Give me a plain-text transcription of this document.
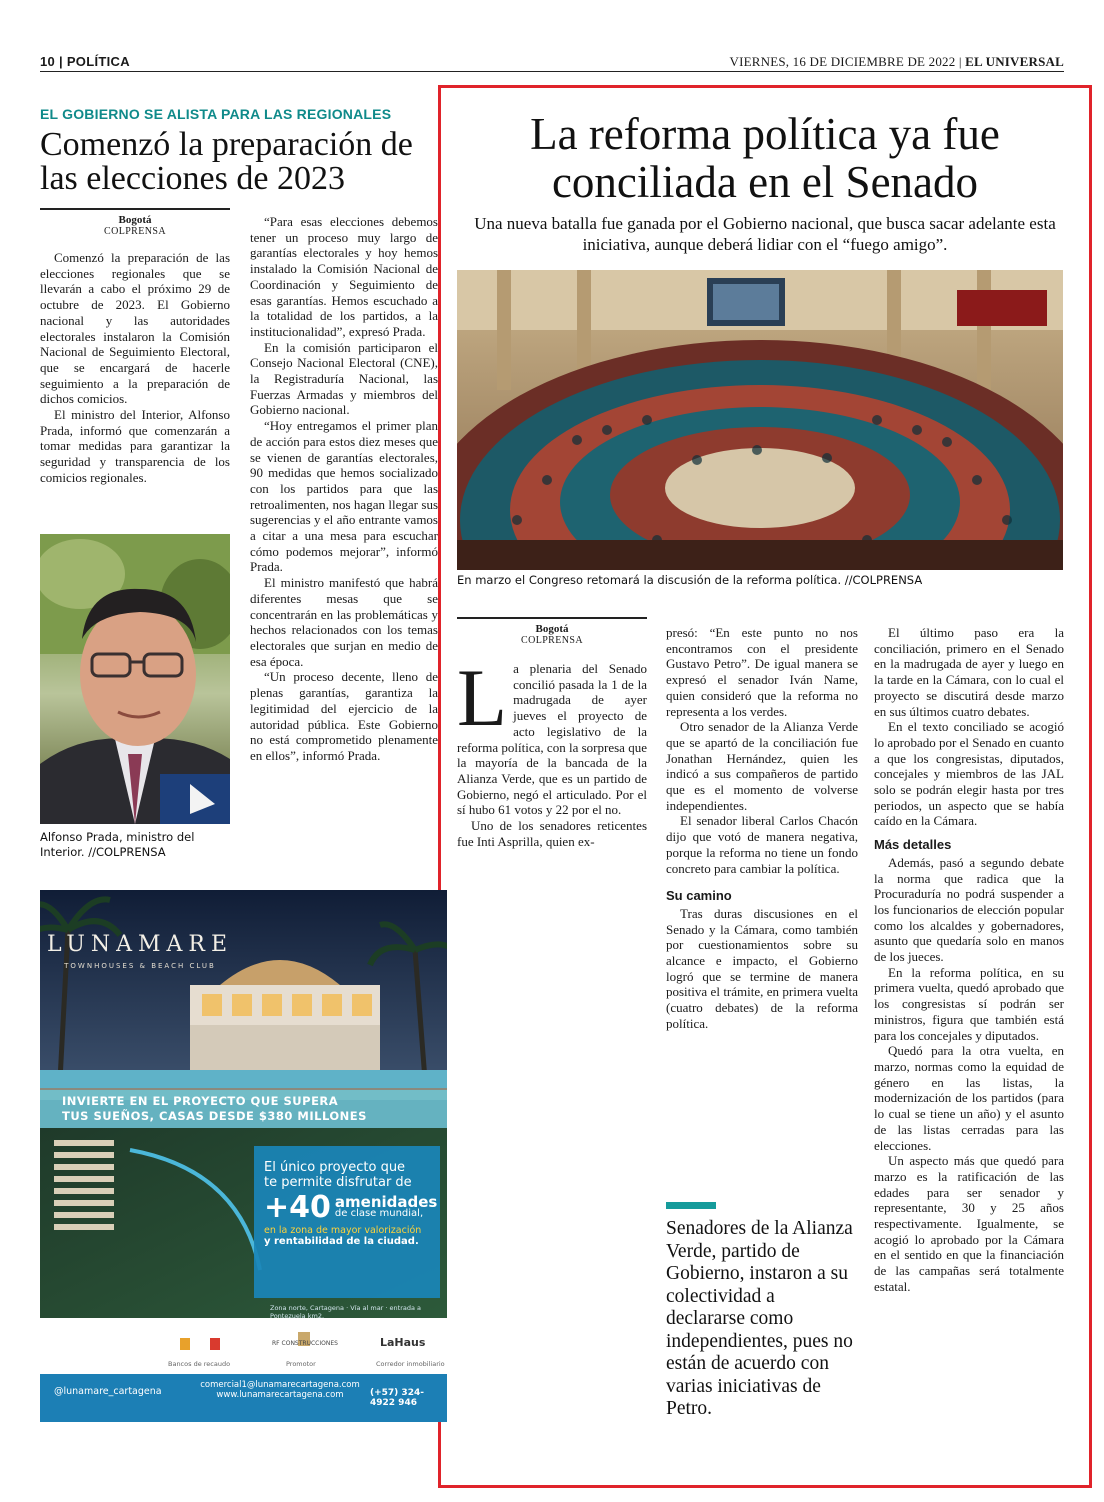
10 | POLÍTICA	VIERNES, 16 DE DICIEMBRE DE 2022 | EL UNIVERSAL
EL GOBIERNO SE ALISTA PARA LAS REGIONALES
Comenzó la preparación de las elecciones de 2023
Bogotá
COLPRENSA

Comenzó la preparación de las elecciones regionales que se llevarán a cabo el próximo 29 de octubre de 2023. El Gobierno nacional y las autoridades electorales instalaron la Comisión Nacional de Seguimiento Electoral, que se encargará de hacerle seguimiento a la preparación de dichos comicios.

El ministro del Interior, Alfonso Prada, informó que comenzarán a tomar medidas para garantizar la seguridad y transparencia de los comicios regionales.

Alfonso Prada, ministro del Interior. //COLPRENSA

“Para esas elecciones debemos tener un proceso muy largo de garantías electorales y hoy hemos instalado la Comisión Nacional de Coordinación y Seguimiento de esas garantías. Hemos escuchado a la totalidad de los partidos, a la institucionalidad”, expresó Prada.

En la comisión participaron el Consejo Nacional Electoral (CNE), la Registraduría Nacional, las Fuerzas Armadas y miembros del Gobierno nacional.

“Hoy entregamos el primer plan de acción para estos diez meses que se vienen de garantías electorales, 90 medidas que hemos socializado con los partidos para que las retroalimenten, nos hagan llegar sus sugerencias y el año entrante vamos a citar a una mesa para escuchar cómo podemos mejorar”, informó Prada.

El ministro manifestó que habrá diferentes mesas que se concentrarán en las problemáticas y hechos relacionados con los temas electorales que surjan en medio de esa época.

“Un proceso decente, lleno de plenas garantías, garantiza la legitimidad del ejercicio de la autoridad pública. Este Gobierno no está comprometido plenamente en ellos”, informó Prada.

La reforma política ya fue conciliada en el Senado
Una nueva batalla fue ganada por el Gobierno nacional, que busca sacar adelante esta iniciativa, aunque deberá lidiar con el “fuego amigo”.
En marzo el Congreso retomará la discusión de la reforma política. //COLPRENSA
Bogotá
COLPRENSA

La plenaria del Senado concilió pasada la 1 de la madrugada de ayer jueves el proyecto de acto legislativo de la reforma política, con la sorpresa que la mayoría de la bancada de la Alianza Verde, que es un partido de Gobierno, negó el articulado. Por el sí hubo 61 votos y 22 por el no.

Uno de los senadores reticentes fue Inti Asprilla, quien ex-

presó: “En este punto no nos encontramos con el presidente Gustavo Petro”. De igual manera se expresó el senador Iván Name, quien consideró que la reforma no representa a los verdes.

Otro senador de la Alianza Verde que se apartó de la conciliación fue Jonathan Hernández, quien les indicó a sus compañeros de partido que es el momento de volverse independientes.

El senador liberal Carlos Chacón dijo que votó de manera negativa, porque la reforma no tiene un fondo concreto para cambiar la política.

Su camino

Tras duras discusiones en el Senado y la Cámara, como también por cuestionamientos sobre su alcance e impacto, el Gobierno logró que se termine de manera positiva el trámite, en primera vuelta (cuatro debates) de la reforma política.

Senadores de la Alianza Verde, partido de Gobierno, instaron a su colectividad a declararse como independientes, pues no están de acuerdo con varias iniciativas de Petro.

El último paso era la conciliación, primero en el Senado en la madrugada de ayer y luego en la tarde en la Cámara, con lo cual el proyecto se discutirá desde marzo en sus últimos cuatro debates.

En el texto conciliado se acogió lo aprobado por el Senado en cuanto a que los congresistas, diputados, concejales y miembros de las JAL solo se podrán elegir hasta por tres periodos, un aspecto que se había caído en la Cámara.

Más detalles

Además, pasó a segundo debate la norma que radica que la Procuraduría no podrá suspender a los funcionarios de elección popular como los alcaldes y gobernadores, asunto que quedaría solo en manos de los jueces.

En la reforma política, en su primera vuelta, quedó aprobado que los congresistas sí podrán ser ministros, figura que también está para los concejales y diputados.

Quedó para la otra vuelta, en marzo, normas como la equidad de género en las listas, la modernización de los partidos (para lo cual se tiene un año) y el asunto de las listas cerradas para las elecciones.

Un aspecto más que quedó para marzo es la ratificación de las edades para ser senador y representante, 30 y 25 años respectivamente. Igualmente, se acogió lo aprobado por la Cámara en el sentido en que la financiación de las campañas será totalmente estatal.

LUNAMARE
TOWNHOUSES & BEACH CLUB
INVIERTE EN EL PROYECTO QUE SUPERA
TUS SUEÑOS, CASAS DESDE $380 MILLONES
El único proyecto que
te permite disfrutar de
+40 amenidades
de clase mundial,
en la zona de mayor valorización
y rentabilidad de la ciudad.
Zona norte, Cartagena · Vía al mar · entrada a Pontezuela km2.
RF CONSTRUCCIONES	LaHaus
Bancos de recaudo	Promotor	Corredor inmobiliario
@lunamare_cartagena
comercial1@lunamarecartagena.com
www.lunamarecartagena.com	(+57) 324-4922 946
